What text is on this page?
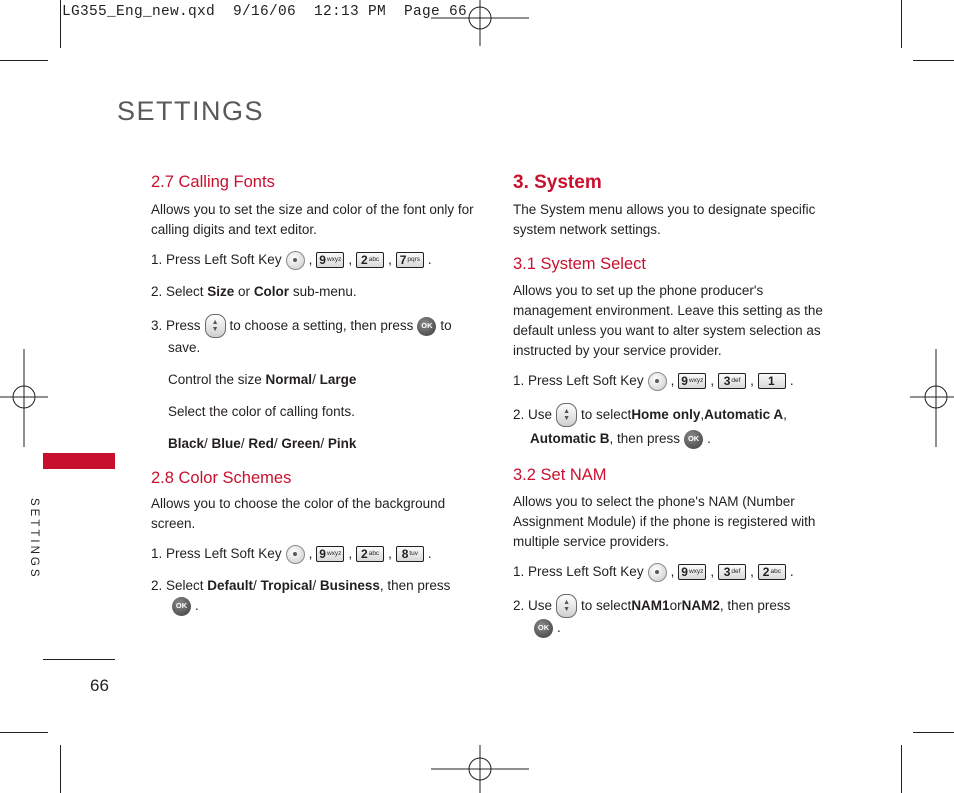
LG355_Eng_new.qxd  9/16/06  12:13 PM  Page 66
SETTINGS
SETTINGS
66
2.7 Calling Fonts

Allows you to set the size and color of the font only for calling digits and text editor.

1. Press Left Soft Key , 9 wxyz , 2 abc , 7 pqrs .

2. Select Size or Color sub-menu.

3. Press	▲
▼ to choose a setting, then press	OK to

save.

Control the size Normal/ Large

Select the color of calling fonts.

Black/ Blue/ Red/ Green/ Pink

2.8 Color Schemes

Allows you to choose the color of the background screen.

1. Press Left Soft Key , 9 wxyz , 2 abc , 8 tuv .

2. Select Default/ Tropical/ Business, then press

OK .
3. System

The System menu allows you to designate specific system network settings.

3.1 System Select

Allows you to set up the phone producer's management environment. Leave this setting as the default unless you want to alter system selection as instructed by your service provider.

1. Press Left Soft Key , 9 wxyz , 3 def , 1 .
2. Use	▲
▼ to select Home only , Automatic A ,
Automatic B , then press	OK .
3.2 Set NAM

Allows you to select the phone's NAM (Number Assignment Module) if the phone is registered with multiple service providers.

1. Press Left Soft Key , 9 wxyz , 3 def , 2 abc .
2. Use	▲
▼ to select NAM1 or NAM2 , then press
OK .
